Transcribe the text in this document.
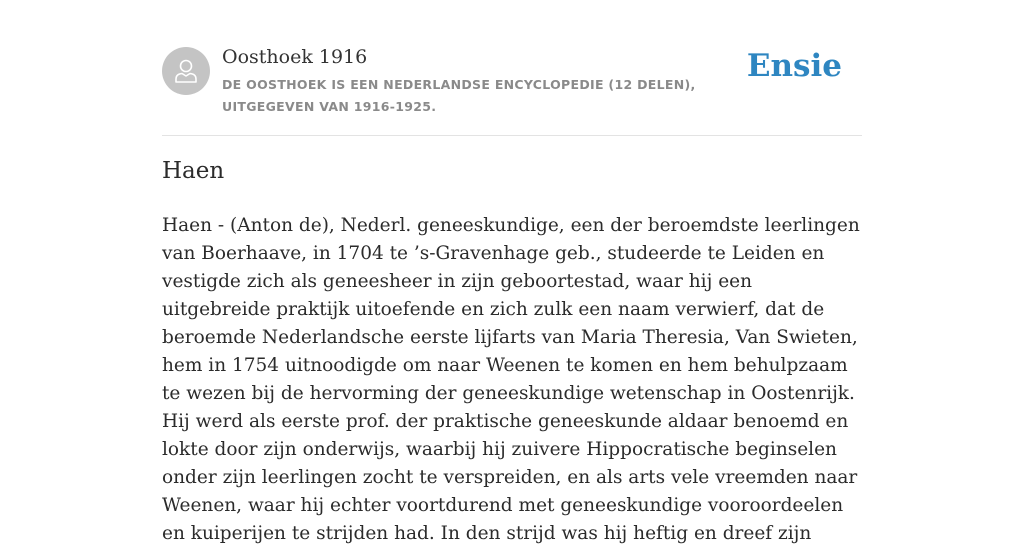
Oosthoek 1916
DE OOSTHOEK IS EEN NEDERLANDSE ENCYCLOPEDIE (12 DELEN), UITGEGEVEN VAN 1916-1925.
Ensie
Haen

Haen - (Anton de), Nederl. geneeskundige, een der beroemdste leerlingen van Boerhaave, in 1704 te ’s-Gravenhage geb., studeerde te Leiden en vestigde zich als geneesheer in zijn geboortestad, waar hij een uitgebreide praktijk uitoefende en zich zulk een naam verwierf, dat de beroemde Nederlandsche eerste lijfarts van Maria Theresia, Van Swieten, hem in 1754 uitnoodigde om naar Weenen te komen en hem behulpzaam te wezen bij de hervorming der geneeskundige wetenschap in Oostenrijk. Hij werd als eerste prof. der praktische geneeskunde aldaar benoemd en lokte door zijn onderwijs, waarbij hij zuivere Hippocratische beginselen onder zijn leerlingen zocht te verspreiden, en als arts vele vreemden naar Weenen, waar hij echter voortdurend met geneeskundige vooroordeelen en kuiperijen te strijden had. In den strijd was hij heftig en dreef zijn
